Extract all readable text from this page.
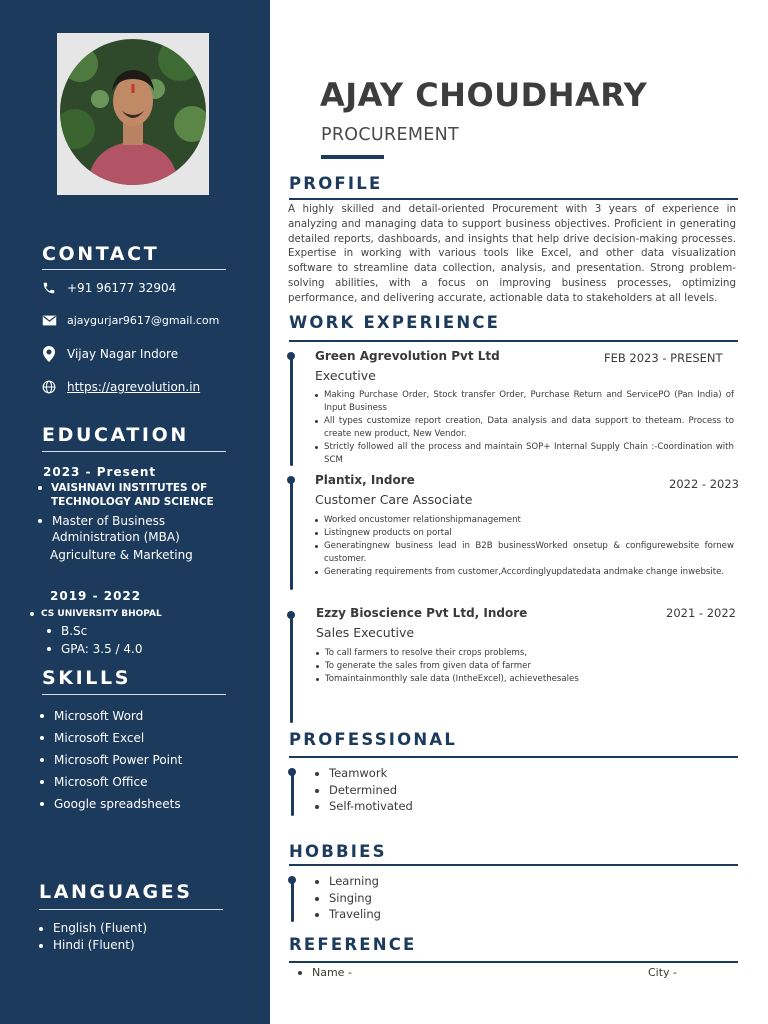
CONTACT
+91 96177 32904
ajaygurjar9617@gmail.com
Vijay Nagar Indore
https://agrevolution.in
EDUCATION
2023 - Present
VAISHNAVI INSTITUTES OF
TECHNOLOGY AND SCIENCE
Master of Business
Administration (MBA)
Agriculture & Marketing
2019 - 2022
CS UNIVERSITY BHOPAL
B.Sc
GPA: 3.5 / 4.0
SKILLS
Microsoft Word
Microsoft Excel
Microsoft Power Point
Microsoft Office
Google spreadsheets
LANGUAGES
English (Fluent)
Hindi (Fluent)
AJAY CHOUDHARY
PROCUREMENT
PROFILE
A highly skilled and detail-oriented Procurement with 3 years of experience in analyzing and managing data to support business objectives. Proficient in generating detailed reports, dashboards, and insights that help drive decision-making processes. Expertise in working with various tools like Excel, and other data visualization software to streamline data collection, analysis, and presentation. Strong problem-solving abilities, with a focus on improving business processes, optimizing performance, and delivering accurate, actionable data to stakeholders at all levels.
WORK EXPERIENCE
Green Agrevolution Pvt Ltd	FEB 2023 - PRESENT
Executive
Making Purchase Order, Stock transfer Order, Purchase Return and ServicePO (Pan India) of Input Business
All types customize report creation, Data analysis and data support to theteam. Process to create new product, New Vendor.
Strictly followed all the process and maintain SOP+ Internal Supply Chain :-Coordination with SCM
Plantix, Indore	2022 - 2023
Customer Care Associate
Worked oncustomer relationshipmanagement
Listingnew products on portal
Generatingnew business lead in B2B businessWorked onsetup & configurewebsite fornew customer.
Generating requirements from customer,Accordinglyupdatedata andmake change inwebsite.
Ezzy Bioscience Pvt Ltd, Indore	2021 - 2022
Sales Executive
To call farmers to resolve their crops problems,
To generate the sales from given data of farmer
Tomaintainmonthly sale data (IntheExcel), achievethesales
PROFESSIONAL
Teamwork
Determined
Self-motivated
HOBBIES
Learning
Singing
Traveling
REFERENCE
Name -	City -
